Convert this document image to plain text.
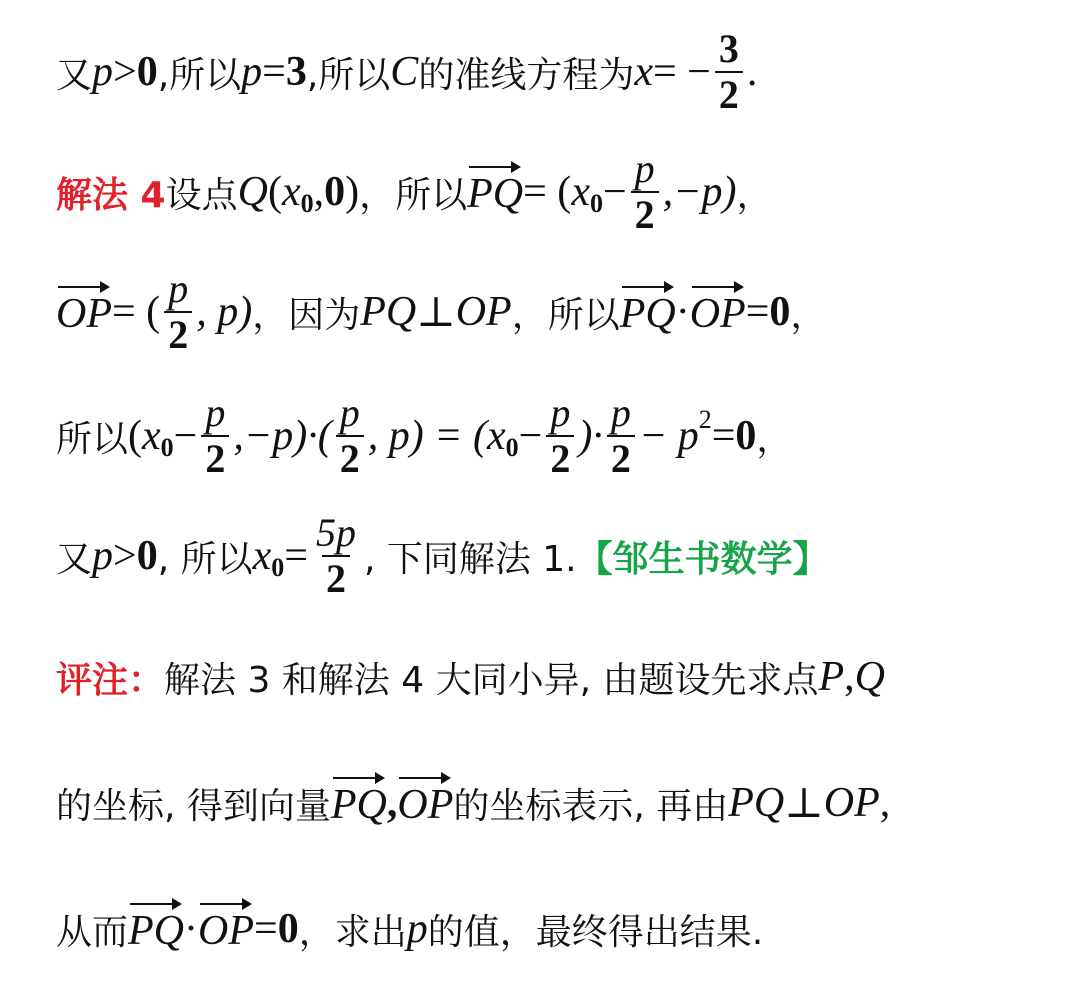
又 p > 0 ,所以 p = 3 ,所以 C 的准线方程为 x = − $\frac{3}{2}$ .
解法 4 设点 Q ( x 0 , 0 ) ，所以 PQ = ( x $0 - \frac{p}{2} ,-p$) ，
OP = ( $\frac{p}{2}$ , p) ，因为 PQ ⊥ OP ，所以 PQ · OP = 0 ，
所以 ( x $0 - \frac{p}{2} ,-p)\cdot( \frac{p}{2}$ , p) = ( x $0 - \frac{p}{2}$ )· $\frac{p}{2} - p$ 2 = 0 ，
又 p > 0 , 所以 x $0 = \frac{5p}{2}$ , 下同解法 1. 【邹生书数学】
评注： 解法 3 和解法 4 大同小异, 由题设先求点 P , Q
的坐标, 得到向量 PQ , OP 的坐标表示, 再由 PQ ⊥ OP ,
从而 PQ · OP = 0 ，求出 p 的值，最终得出结果.
